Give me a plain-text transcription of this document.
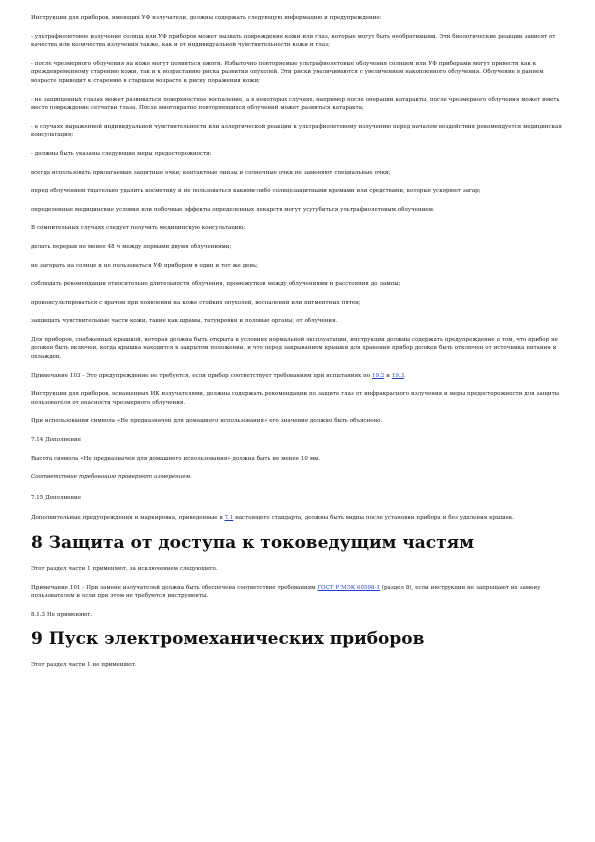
Инструкции для приборов, имеющих УФ излучатели, должны содержать следующую информацию и предупреждение:

- ультрафиолетовое излучение солнца или УФ приборов может вызвать повреждение кожи или глаз, которые могут быть необратимыми. Эти биологические реакции зависят от качества или количества излучения также, как и от индивидуальной чувствительности кожи и глаз;

- после чрезмерного облучения на коже могут появиться ожоги. Избыточно повторяемые ультрафиолетовые облучения солнцем или УФ приборами могут привести как к преждевременному старению кожи, так и к возрастанию риска развития опухолей. Эти риски увеличиваются с увеличением накопленного облучения. Облучение в раннем возрасте приводит к старению в старшем возрасте к риску поражения кожи;

- не защищенных глазах может развиваться поверхностное воспаление, а в некоторых случаях, например после операции катаракты, после чрезмерного облучения может иметь место повреждение сетчатки глаза. После многократно повторяющихся облучений может развиться катаракта;

- в случаях выраженной индивидуальной чувствительности или аллергической реакции к ультрафиолетовому излучению перед началом воздействия рекомендуется медицинская консультация;

- должны быть указаны следующие меры предосторожности:

всегда использовать прилагаемые защитные очки; контактные линзы и солнечные очки не заменяют специальные очки;

перед облучением тщательно удалить косметику и не пользоваться какими-либо солнцезащитными кремами или средствами, которые ускоряют загар;

определенные медицинские условия или побочные эффекты определенных лекарств могут усугубиться ультрафиолетовым облучением.

В сомнительных случаях следует получить медицинскую консультацию;

делать перерыв не менее 48 ч между первыми двумя облучениями;

не загорать на солнце и не пользоваться УФ прибором в один и тот же день;

соблюдать рекомендации относительно длительности облучения, промежутков между облучениями и расстояния до лампы;

проконсультироваться с врачом при появлении на коже стойких опухолей, воспалений или пигментных пятен;

защищать чувствительные части кожи, такие как шрамы, татуировки и половые органы, от облучения.

Для приборов, снабженных крышкой, которая должна быть открыта в условиях нормальной эксплуатации, инструкции должны содержать предупреждение о том, что прибор не должен быть включен, когда крышка находится в закрытом положении, и что перед закрыванием крышки для хранения прибор должен быть отключен от источника питания и охлажден.

Примечание 103 - Это предупреждение не требуется, если прибор соответствует требованиям при испытаниях по 19.2 и 19.3.

Инструкции для приборов, оснащенных ИК излучателями, должны содержать рекомендации по защите глаз от инфракрасного излучения и меры предосторожности для защиты пользователя от опасности чрезмерного облучения.

При использовании символа «Не предназначен для домашнего использования» его значение должно быть объяснено.

7.14 Дополнение

Высота символа «Не предназначен для домашнего использования» должна быть не менее 10 мм.

Соответствие требованию проверяют измерением.

7.15 Дополнение

Дополнительные предупреждения и маркировка, приведенные в 7.1 настоящего стандарта, должны быть видны после установки прибора и без удаления крышек.

8 Защита от доступа к токоведущим частям

Этот раздел части 1 применяют, за исключением следующего.

Примечание 101 - При замене излучателей должна быть обеспечена соответствие требованиям ГОСТ Р МЭК 60598-1 (раздел 8), если инструкции не запрещают их замену пользователем и если при этом не требуются инструменты.

8.1.3 Не применяют.

9 Пуск электромеханических приборов

Этот раздел части 1 не применяют.
